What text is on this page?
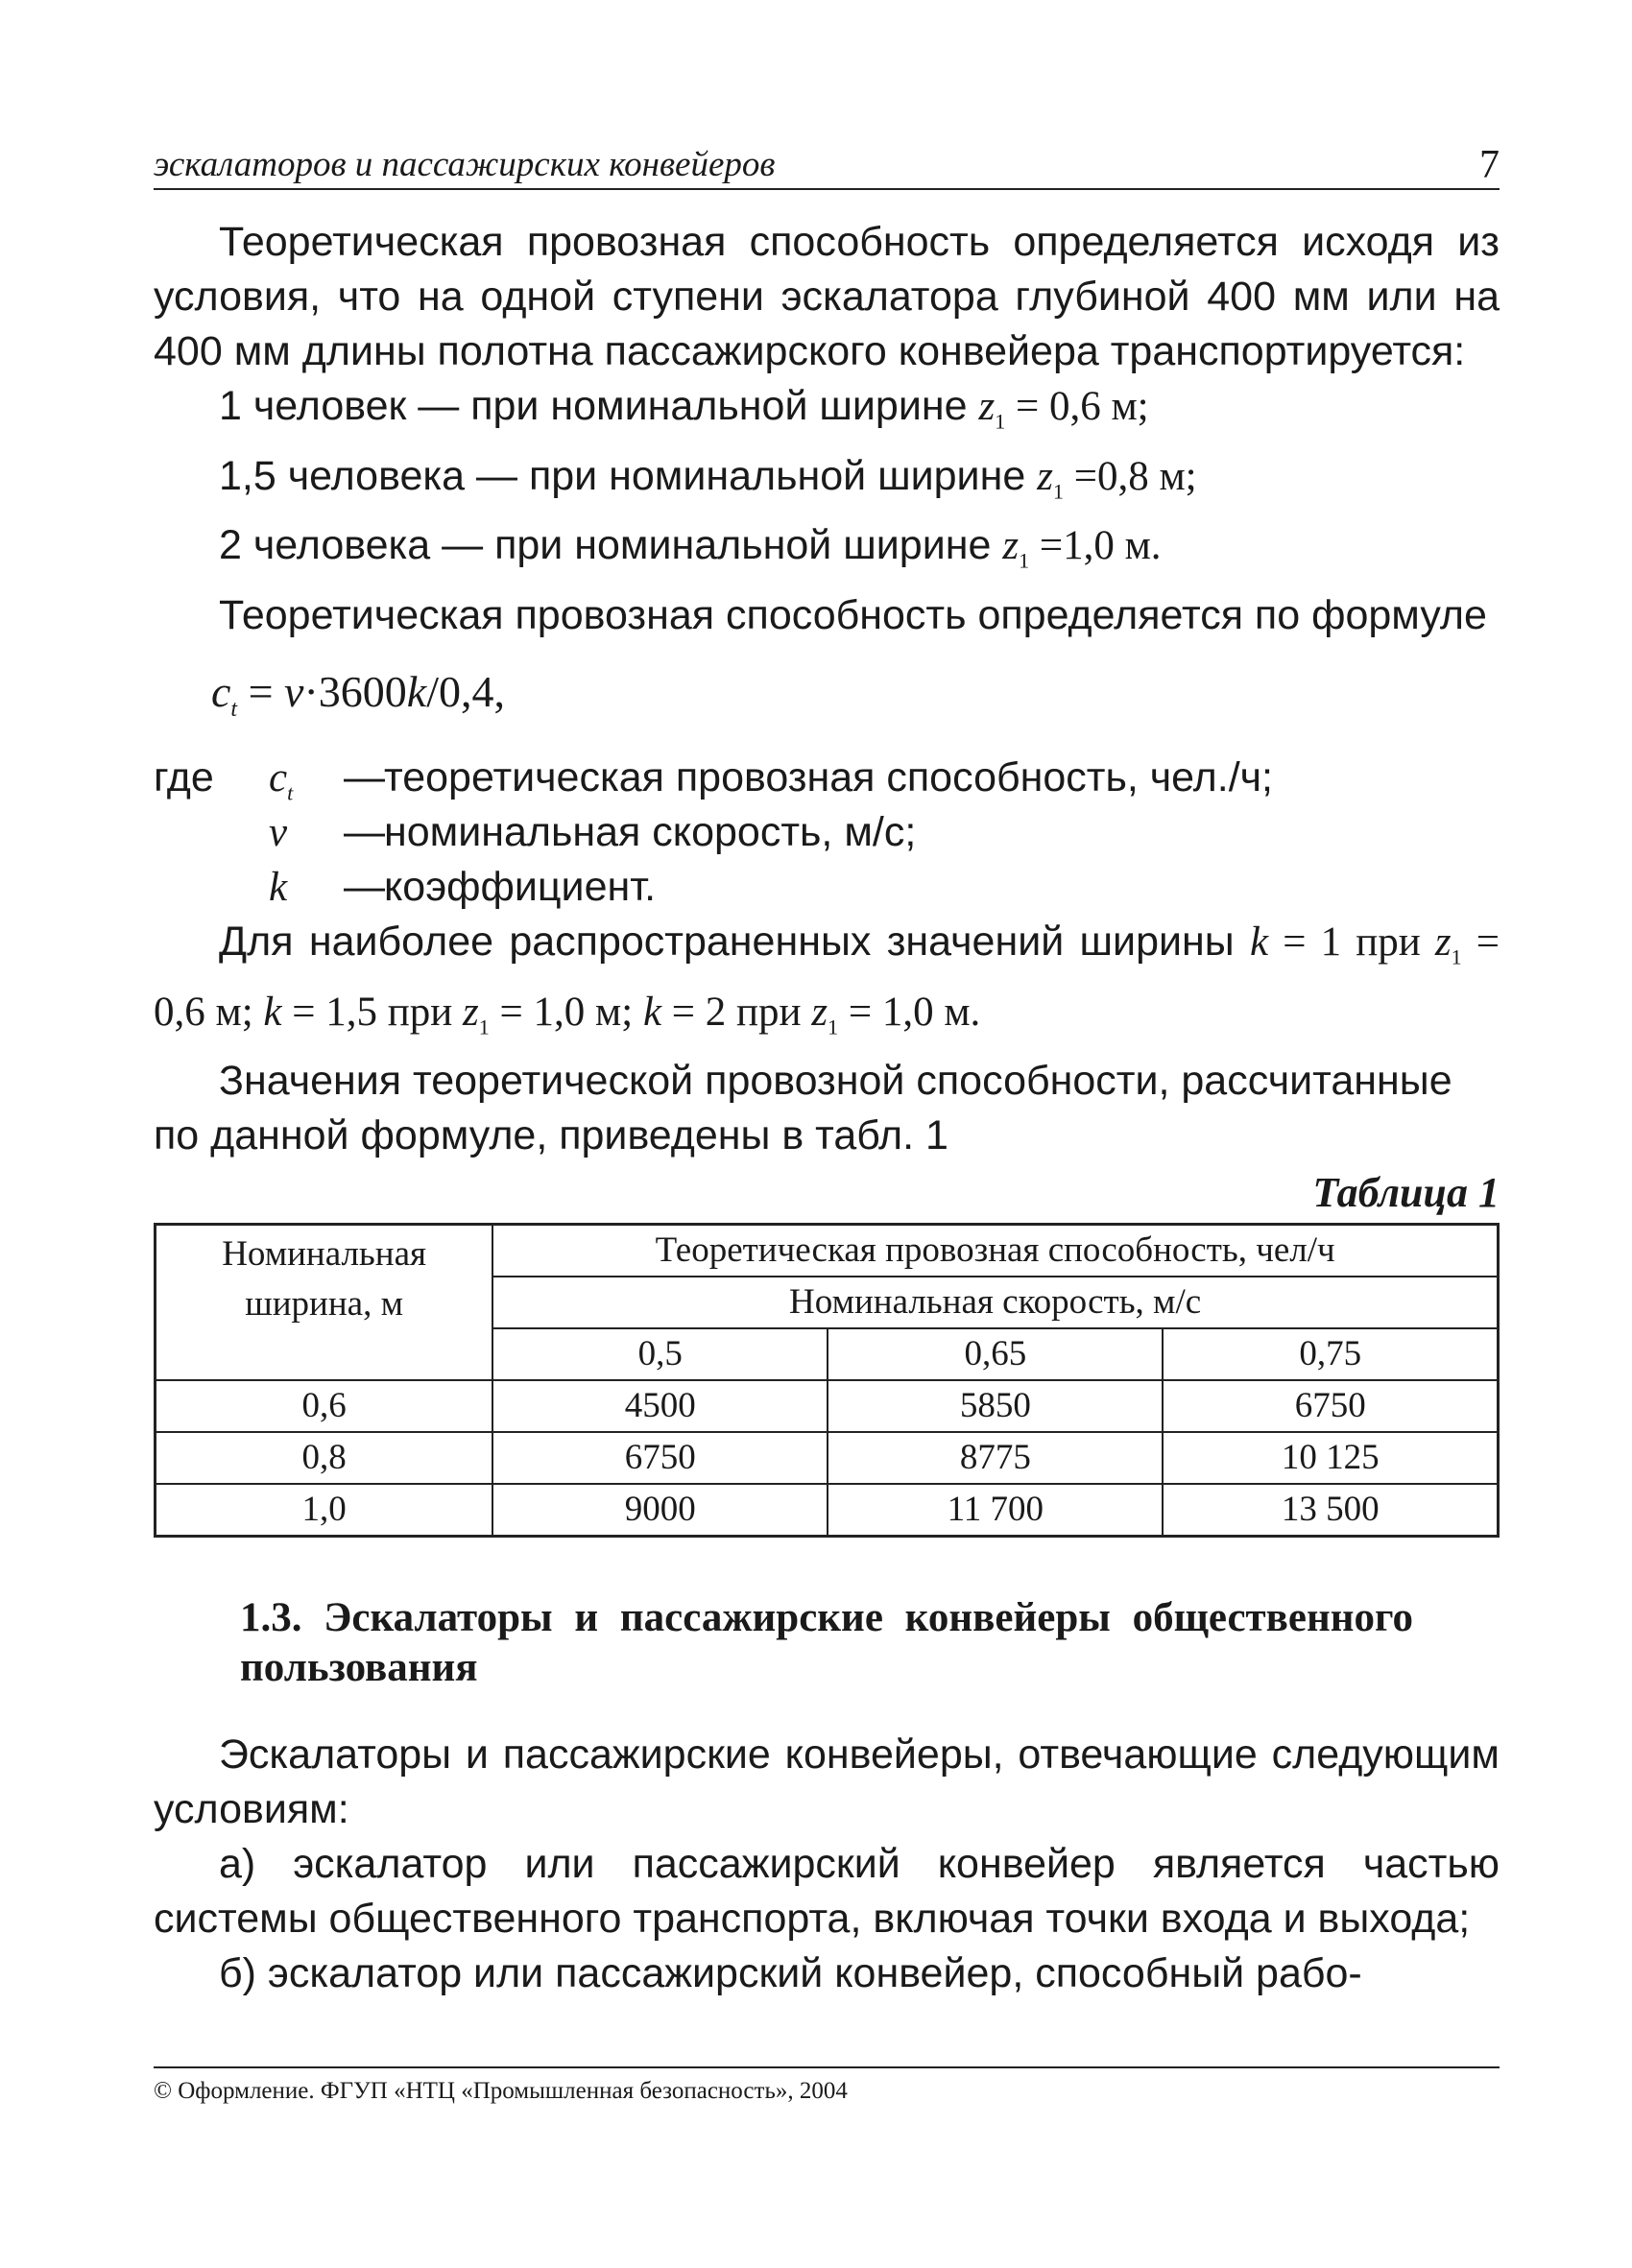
эскалаторов и пассажирских конвейеров	7

Теоретическая провозная способность определяется исходя из условия, что на одной ступени эскалатора глубиной 400 мм или на 400 мм длины полотна пассажирского конвейера транспортируется:

1 человек — при номинальной ширине $z_1 = 0,6$ м;

1,5 человека — при номинальной ширине $z_1 =0,8$ м;

2 человека — при номинальной ширине $z_1 =1,0$ м.

Теоретическая провозная способность определяется по формуле

$c_t = v\cdot 3600k/0,4$,

где	$c_t$	— теоретическая провозная способность, чел./ч;
v	— номинальная скорость, м/с;
k	— коэффициент.

Для наиболее распространенных значений ширины k = 1 при $z_1 = 0,6$ м; k = 1,5 при $z_1 = 1,0$ м; k = 2 при $z_1 = 1,0$ м.

Значения теоретической провозной способности, рассчитанные по данной формуле, приведены в табл. 1

Таблица 1
Номинальная ширина, м	Теоретическая провозная способность, чел/ч		
	Номинальная скорость, м/с		
	0,5	0,65	0,75
0,6	4500	5850	6750
0,8	6750	8775	10 125
1,0	9000	11 700	13 500

1.3. Эскалаторы и пассажирские конвейеры общественного пользования

Эскалаторы и пассажирские конвейеры, отвечающие следующим условиям:

а) эскалатор или пассажирский конвейер является частью системы общественного транспорта, включая точки входа и выхода;

б) эскалатор или пассажирский конвейер, способный рабо-

© Оформление. ФГУП «НТЦ «Промышленная безопасность», 2004
